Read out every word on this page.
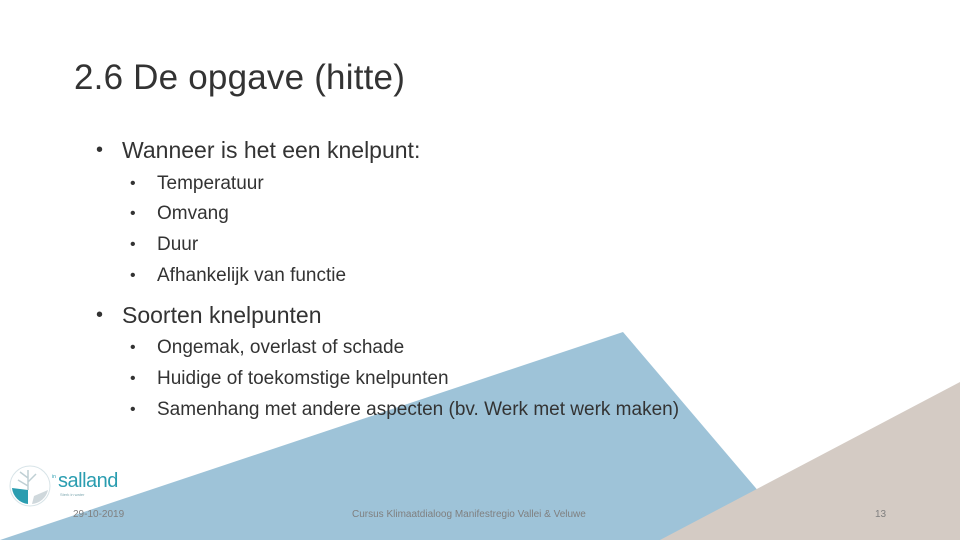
2.6 De opgave (hitte)
• Wanneer is het een knelpunt:
•	Temperatuur
•	Omvang
•	Duur
•	Afhankelijk van functie
• Soorten knelpunten
•	Ongemak, overlast of schade
•	Huidige of toekomstige knelpunten
•	Samenhang met andere aspecten (bv. Werk met werk maken)
in salland
Sterk in water
29-10-2019	Cursus Klimaatdialoog Manifestregio Vallei & Veluwe	13
